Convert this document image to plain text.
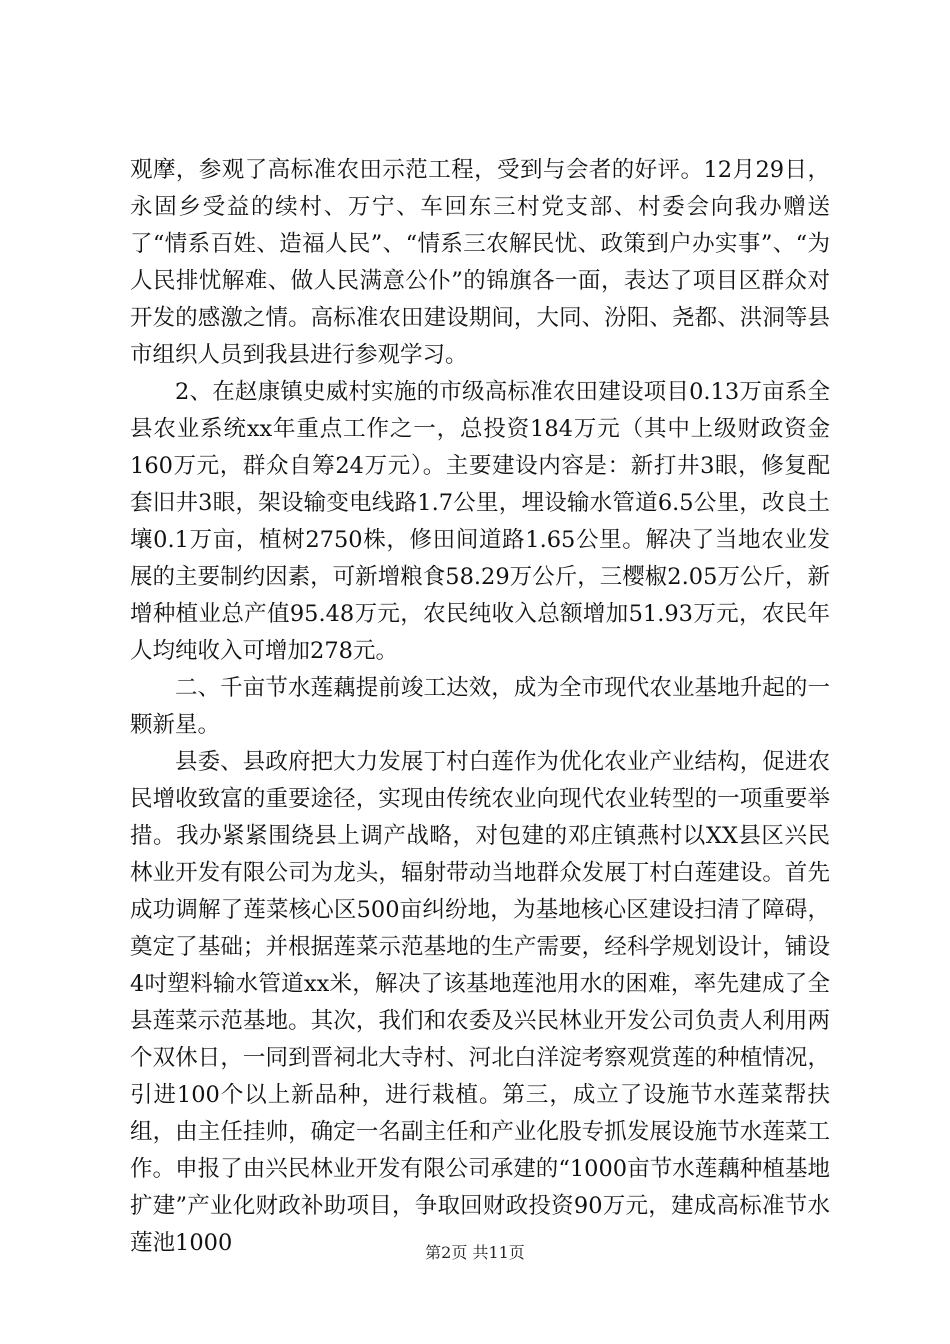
观摩，参观了高标准农田示范工程，受到与会者的好评。12月29日，永固乡受益的续村、万宁、车回东三村党支部、村委会向我办赠送了“情系百姓、造福人民”、“情系三农解民忧、政策到户办实事”、“为人民排忧解难、做人民满意公仆”的锦旗各一面，表达了项目区群众对开发的感激之情。高标准农田建设期间，大同、汾阳、尧都、洪洞等县市组织人员到我县进行参观学习。

2、在赵康镇史威村实施的市级高标准农田建设项目0.13万亩系全县农业系统xx年重点工作之一，总投资184万元（其中上级财政资金160万元，群众自筹24万元）。主要建设内容是：新打井3眼，修复配套旧井3眼，架设输变电线路1.7公里，埋设输水管道6.5公里，改良土壤0.1万亩，植树2750株，修田间道路1.65公里。解决了当地农业发展的主要制约因素，可新增粮食58.29万公斤，三樱椒2.05万公斤，新增种植业总产值95.48万元，农民纯收入总额增加51.93万元，农民年人均纯收入可增加278元。

二、千亩节水莲藕提前竣工达效，成为全市现代农业基地升起的一颗新星。

县委、县政府把大力发展丁村白莲作为优化农业产业结构，促进农民增收致富的重要途径，实现由传统农业向现代农业转型的一项重要举措。我办紧紧围绕县上调产战略，对包建的邓庄镇燕村以XX县区兴民林业开发有限公司为龙头，辐射带动当地群众发展丁村白莲建设。首先成功调解了莲菜核心区500亩纠纷地，为基地核心区建设扫清了障碍，奠定了基础；并根据莲菜示范基地的生产需要，经科学规划设计，铺设4吋塑料输水管道xx米，解决了该基地莲池用水的困难，率先建成了全县莲菜示范基地。其次，我们和农委及兴民林业开发公司负责人利用两个双休日，一同到晋祠北大寺村、河北白洋淀考察观赏莲的种植情况，引进100个以上新品种，进行栽植。第三，成立了设施节水莲菜帮扶组，由主任挂帅，确定一名副主任和产业化股专抓发展设施节水莲菜工作。申报了由兴民林业开发有限公司承建的“1000亩节水莲藕种植基地扩建”产业化财政补助项目，争取回财政投资90万元，建成高标准节水莲池1000	第2页 共11页
